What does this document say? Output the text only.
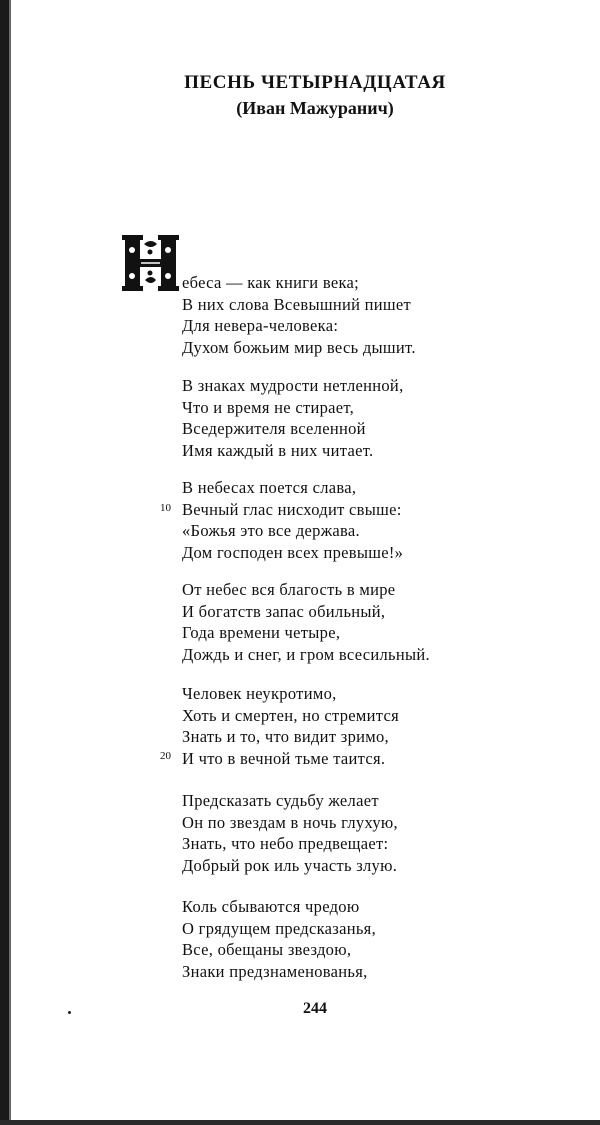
ПЕСНЬ ЧЕТЫРНАДЦАТАЯ
(Иван Мажуранич)
ебеса — как книги века;
В них слова Всевышний пишет
Для невера-человека:
Духом божьим мир весь дышит.
В знаках мудрости нетленной,
Что и время не стирает,
Вседержителя вселенной
Имя каждый в них читает.
В небесах поется слава,
Вечный глас нисходит свыше:
«Божья это все держава.
Дом господен всех превыше!»
10
От небес вся благость в мире
И богатств запас обильный,
Года времени четыре,
Дождь и снег, и гром всесильный.
Человек неукротимо,
Хоть и смертен, но стремится
Знать и то, что видит зримо,
И что в вечной тьме таится.
20
Предсказать судьбу желает
Он по звездам в ночь глухую,
Знать, что небо предвещает:
Добрый рок иль участь злую.
Коль сбываются чредою
О грядущем предсказанья,
Все, обещаны звездою,
Знаки предзнаменованья,
244
